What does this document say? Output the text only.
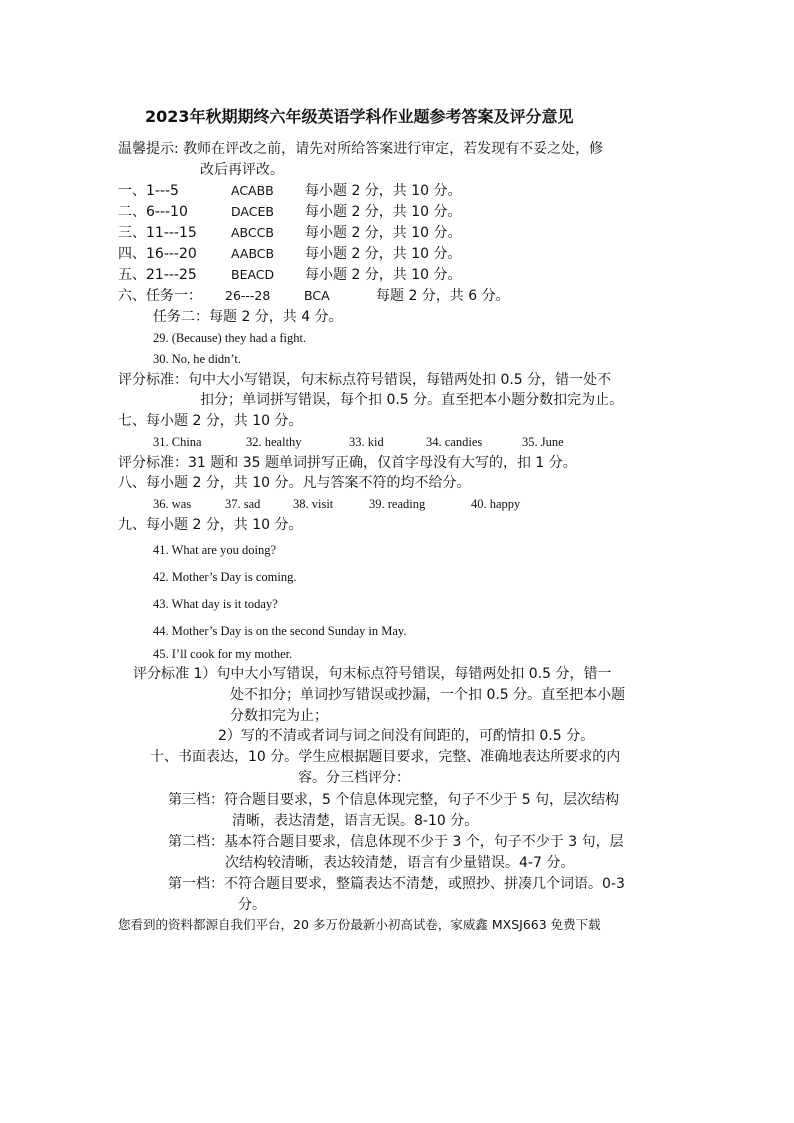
2023年秋期期终六年级英语学科作业题参考答案及评分意见
温馨提示: 教师在评改之前，请先对所给答案进行审定，若发现有不妥之处，修
改后再评改。
一、1---5	ACABB 每小题 2 分，共 10 分。
二、6---10	DACEB 每小题 2 分，共 10 分。
三、11---15	ABCCB 每小题 2 分，共 10 分。
四、16---20	AABCB 每小题 2 分，共 10 分。
五、21---25	BEACD 每小题 2 分，共 10 分。
六、任务一： 26---28	BCA	每题 2 分，共 6 分。
任务二：每题 2 分，共 4 分。
29. (Because) they had a fight.
30. No, he didn’t.
评分标准：句中大小写错误，句末标点符号错误，每错两处扣 0.5 分，错一处不
扣分；单词拼写错误，每个扣 0.5 分。直至把本小题分数扣完为止。
七、每小题 2 分，共 10 分。
31. China	32. healthy	33. kid	34. candies	35. June
评分标准：31 题和 35 题单词拼写正确，仅首字母没有大写的，扣 1 分。
八、每小题 2 分，共 10 分。凡与答案不符的均不给分。
36. was	37. sad	38. visit	39. reading	40. happy
九、每小题 2 分，共 10 分。
41. What are you doing?
42. Mother’s Day is coming.
43. What day is it today?
44. Mother’s Day is on the second Sunday in May.
45. I’ll cook for my mother.
评分标准 1）句中大小写错误，句末标点符号错误，每错两处扣 0.5 分，错一
处不扣分；单词抄写错误或抄漏，一个扣 0.5 分。直至把本小题
分数扣完为止；
2）写的不清或者词与词之间没有间距的，可酌情扣 0.5 分。
十、书面表达，10 分。学生应根据题目要求，完整、准确地表达所要求的内
容。分三档评分：
第三档：符合题目要求，5 个信息体现完整，句子不少于 5 句，层次结构
清晰，表达清楚，语言无误。8-10 分。
第二档：基本符合题目要求，信息体现不少于 3 个，句子不少于 3 句，层
次结构较清晰，表达较清楚，语言有少量错误。4-7 分。
第一档：不符合题目要求，整篇表达不清楚，或照抄、拼凑几个词语。0-3
分。
您看到的资料都源自我们平台，20 多万份最新小初高试卷，家威鑫 MXSJ663 免费下载
